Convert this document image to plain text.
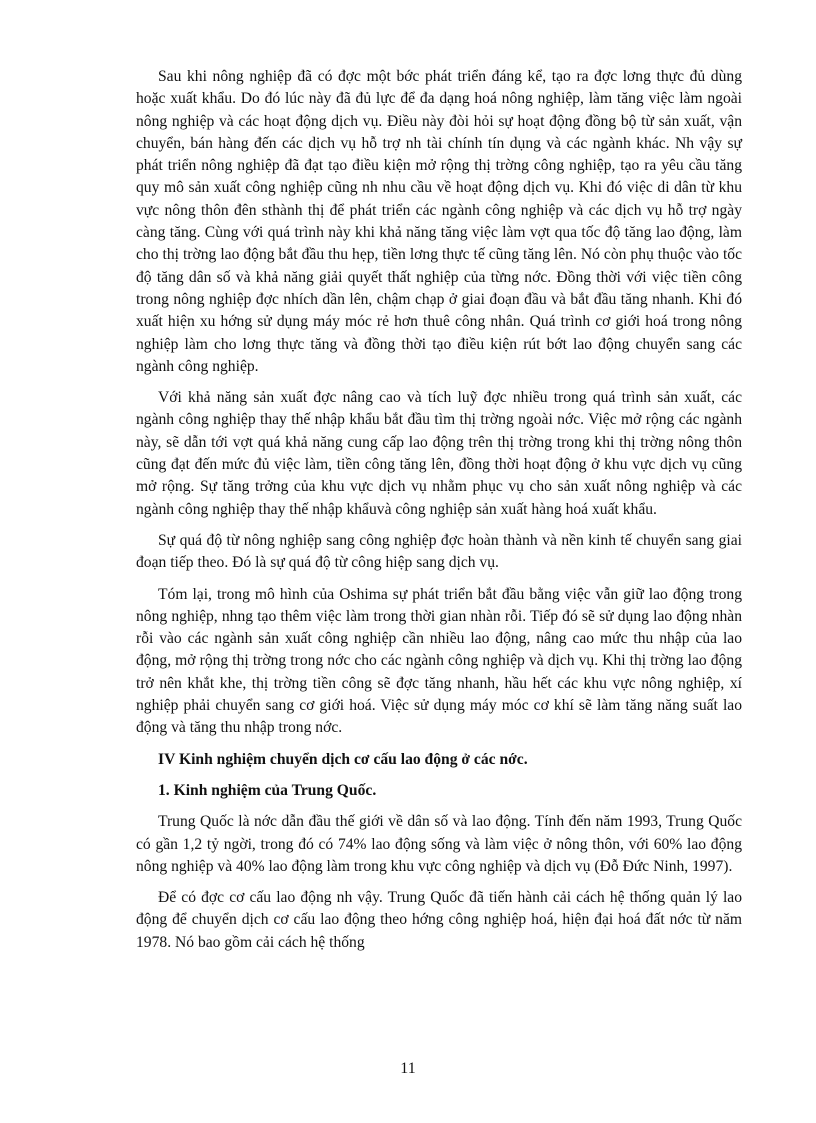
Sau khi nông nghiệp đã có đợc một bớc phát triển đáng kể, tạo ra đợc lơng thực đủ dùng hoặc xuất khẩu. Do đó lúc này đã đủ lực để đa dạng hoá nông nghiệp, làm tăng việc làm ngoài nông nghiệp và các hoạt động dịch vụ. Điều này đòi hỏi sự hoạt động đồng bộ từ sản xuất, vận chuyển, bán hàng đến các dịch vụ hỗ trợ nh tài chính tín dụng và các ngành khác. Nh vậy sự phát triển nông nghiệp đã đạt tạo điều kiện mở rộng thị trờng công nghiệp, tạo ra yêu cầu tăng quy mô sản xuất công nghiệp cũng nh nhu cầu về hoạt động dịch vụ. Khi đó việc di dân từ khu vực nông thôn đên sthành thị để phát triển các ngành công nghiệp và các dịch vụ hỗ trợ ngày càng tăng. Cùng với quá trình này khi khả năng tăng việc làm vợt qua tốc độ tăng lao động, làm cho thị trờng lao động bắt đầu thu hẹp, tiền lơng thực tế cũng tăng lên. Nó còn phụ thuộc vào tốc độ tăng dân số và khả năng giải quyết thất nghiệp của từng nớc. Đồng thời với việc tiền công trong nông nghiệp đợc nhích dần lên, chậm chạp ở giai đoạn đầu và bắt đầu tăng nhanh. Khi đó xuất hiện xu hớng sử dụng máy móc rẻ hơn thuê công nhân. Quá trình cơ giới hoá trong nông nghiệp làm cho lơng thực tăng và đồng thời tạo điều kiện rút bớt lao động chuyển sang các ngành công nghiệp.

Với khả năng sản xuất đợc nâng cao và tích luỹ đợc nhiều trong quá trình sản xuất, các ngành công nghiệp thay thế nhập khẩu bắt đầu tìm thị trờng ngoài nớc. Việc mở rộng các ngành này, sẽ dẫn tới vợt quá khả năng cung cấp lao động trên thị trờng trong khi thị trờng nông thôn cũng đạt đến mức đủ việc làm, tiền công tăng lên, đồng thời hoạt động ở khu vực dịch vụ cũng mở rộng. Sự tăng trởng của khu vực dịch vụ nhằm phục vụ cho sản xuất nông nghiệp và các ngành công nghiệp thay thế nhập khẩuvà công nghiệp sản xuất hàng hoá xuất khẩu.

Sự quá độ từ nông nghiệp sang công nghiệp đợc hoàn thành và nền kinh tế chuyển sang giai đoạn tiếp theo. Đó là sự quá độ từ công hiệp sang dịch vụ.

Tóm lại, trong mô hình của Oshima sự phát triển bắt đầu bằng việc vẫn giữ lao động trong nông nghiệp, nhng tạo thêm việc làm trong thời gian nhàn rỗi. Tiếp đó sẽ sử dụng lao động nhàn rỗi vào các ngành sản xuất công nghiệp cần nhiều lao động, nâng cao mức thu nhập của lao động, mở rộng thị trờng trong nớc cho các ngành công nghiệp và dịch vụ. Khi thị trờng lao động trở nên khắt khe, thị trờng tiền công sẽ đợc tăng nhanh, hầu hết các khu vực nông nghiệp, xí nghiệp phải chuyển sang cơ giới hoá. Việc sử dụng máy móc cơ khí sẽ làm tăng năng suất lao động và tăng thu nhập trong nớc.

IV Kinh nghiệm chuyển dịch cơ cấu lao động ở các nớc.

1. Kinh nghiệm của Trung Quốc.

Trung Quốc là nớc dẫn đầu thế giới về dân số và lao động. Tính đến năm 1993, Trung Quốc có gần 1,2 tỷ ngời, trong đó có 74% lao động sống và làm việc ở nông thôn, với 60% lao động nông nghiệp và 40% lao động làm trong khu vực công nghiệp và dịch vụ (Đỗ Đức Ninh, 1997).

Để có đợc cơ cấu lao động nh vậy. Trung Quốc đã tiến hành cải cách hệ thống quản lý lao động để chuyển dịch cơ cấu lao động theo hớng công nghiệp hoá, hiện đại hoá đất nớc từ năm 1978. Nó bao gồm cải cách hệ thống

11
